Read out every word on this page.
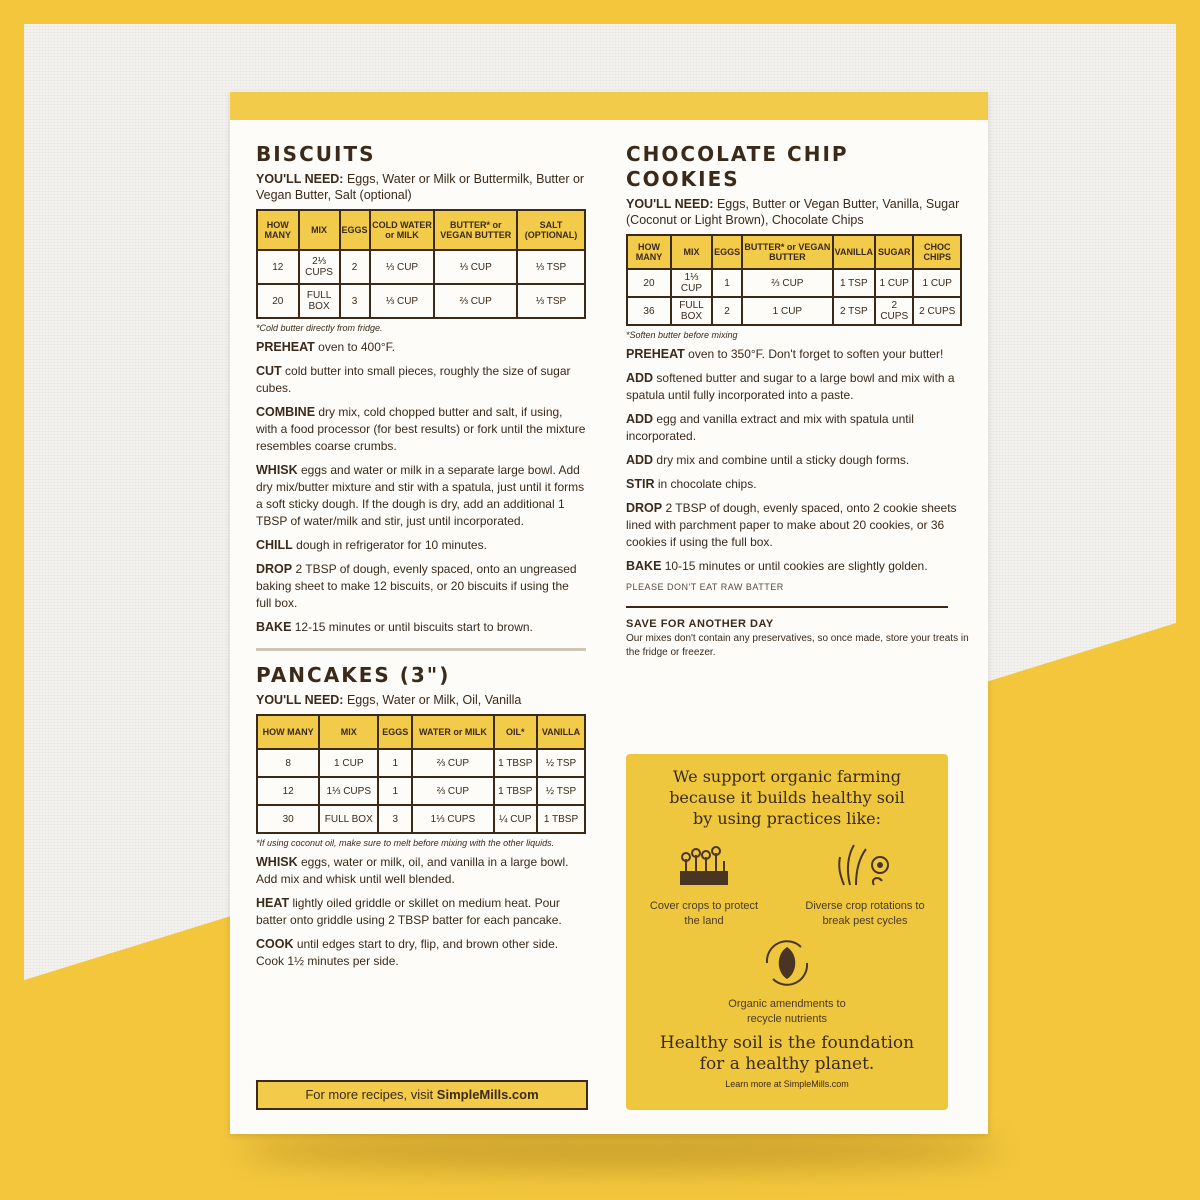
BISCUITS
YOU'LL NEED: Eggs, Water or Milk or Buttermilk, Butter or Vegan Butter, Salt (optional)
HOW MANY	MIX	EGGS	COLD WATER or MILK	BUTTER* or VEGAN BUTTER	SALT (OPTIONAL)
12	2⅓ CUPS	2	⅓ CUP	⅓ CUP	⅓ TSP
20	FULL BOX	3	⅓ CUP	⅔ CUP	⅓ TSP
*Cold butter directly from fridge.

PREHEAT oven to 400°F.

CUT cold butter into small pieces, roughly the size of sugar cubes.

COMBINE dry mix, cold chopped butter and salt, if using, with a food processor (for best results) or fork until the mixture resembles coarse crumbs.

WHISK eggs and water or milk in a separate large bowl. Add dry mix/butter mixture and stir with a spatula, just until it forms a soft sticky dough. If the dough is dry, add an additional 1 TBSP of water/milk and stir, just until incorporated.

CHILL dough in refrigerator for 10 minutes.

DROP 2 TBSP of dough, evenly spaced, onto an ungreased baking sheet to make 12 biscuits, or 20 biscuits if using the full box.

BAKE 12-15 minutes or until biscuits start to brown.

PANCAKES (3")
YOU'LL NEED: Eggs, Water or Milk, Oil, Vanilla
HOW MANY	MIX	EGGS	WATER or MILK	OIL*	VANILLA
8	1 CUP	1	⅔ CUP	1 TBSP	½ TSP
12	1⅓ CUPS	1	⅔ CUP	1 TBSP	½ TSP
30	FULL BOX	3	1⅓ CUPS	¼ CUP	1 TBSP
*If using coconut oil, make sure to melt before mixing with the other liquids.

WHISK eggs, water or milk, oil, and vanilla in a large bowl. Add mix and whisk until well blended.

HEAT lightly oiled griddle or skillet on medium heat. Pour batter onto griddle using 2 TBSP batter for each pancake.

COOK until edges start to dry, flip, and brown other side. Cook 1½ minutes per side.

For more recipes, visit SimpleMills.com
CHOCOLATE CHIP
COOKIES
YOU'LL NEED: Eggs, Butter or Vegan Butter, Vanilla, Sugar (Coconut or Light Brown), Chocolate Chips
HOW MANY	MIX	EGGS	BUTTER* or VEGAN BUTTER	VANILLA	SUGAR	CHOC CHIPS
20	1⅓ CUP	1	⅔ CUP	1 TSP	1 CUP	1 CUP
36	FULL BOX	2	1 CUP	2 TSP	2 CUPS	2 CUPS
*Soften butter before mixing

PREHEAT oven to 350°F. Don't forget to soften your butter!

ADD softened butter and sugar to a large bowl and mix with a spatula until fully incorporated into a paste.

ADD egg and vanilla extract and mix with spatula until incorporated.

ADD dry mix and combine until a sticky dough forms.

STIR in chocolate chips.

DROP 2 TBSP of dough, evenly spaced, onto 2 cookie sheets lined with parchment paper to make about 20 cookies, or 36 cookies if using the full box.

BAKE 10-15 minutes or until cookies are slightly golden.

PLEASE DON'T EAT RAW BATTER

SAVE FOR ANOTHER DAY

Our mixes don't contain any preservatives, so once made, store your treats in the fridge or freezer.

We support organic farming because it builds healthy soil by using practices like:
Cover crops to protect the land
Diverse crop rotations to break pest cycles
Organic amendments to recycle nutrients
Healthy soil is the foundation for a healthy planet.
Learn more at SimpleMills.com
